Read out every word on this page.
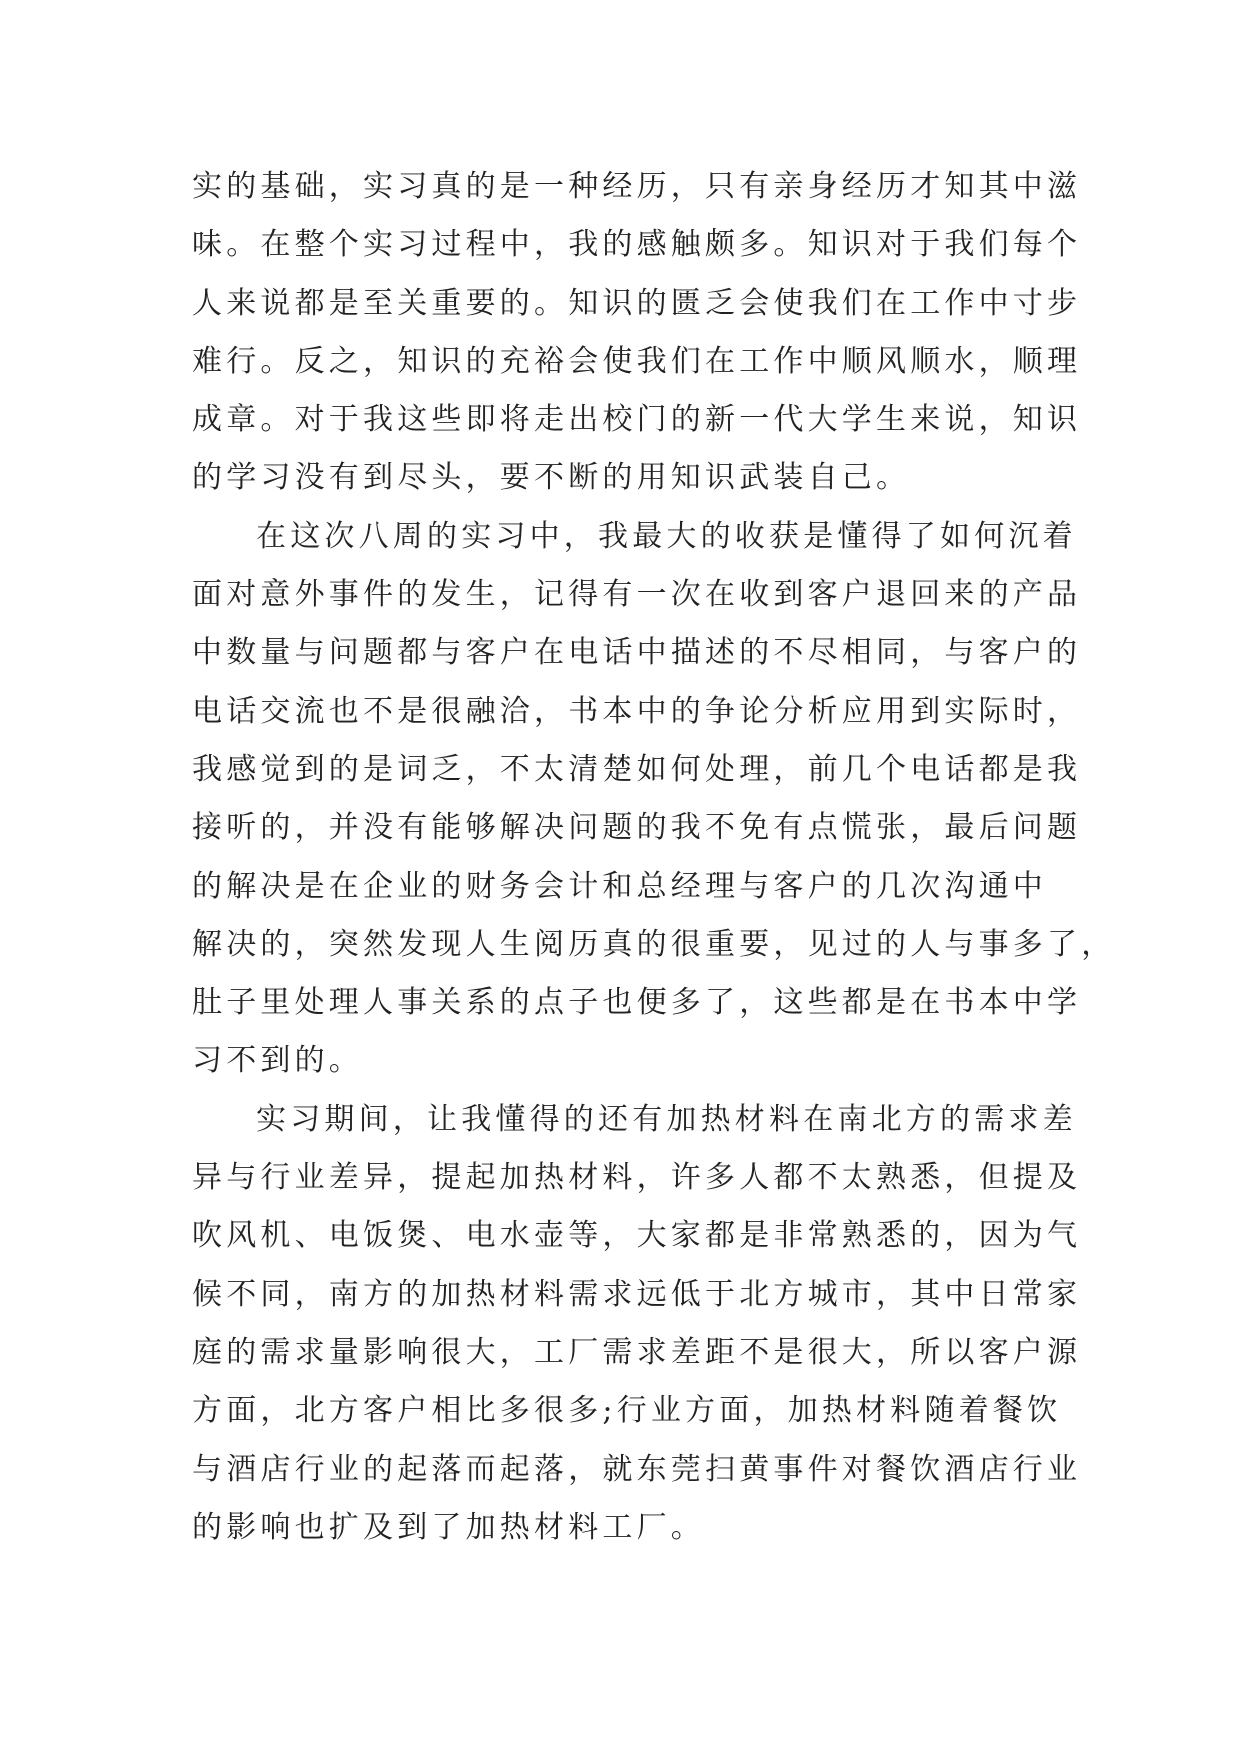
实的基础，实习真的是一种经历，只有亲身经历才知其中滋
味。在整个实习过程中，我的感触颇多。知识对于我们每个
人来说都是至关重要的。知识的匮乏会使我们在工作中寸步
难行。反之，知识的充裕会使我们在工作中顺风顺水，顺理
成章。对于我这些即将走出校门的新一代大学生来说，知识
的学习没有到尽头，要不断的用知识武装自己。
在这次八周的实习中，我最大的收获是懂得了如何沉着
面对意外事件的发生，记得有一次在收到客户退回来的产品
中数量与问题都与客户在电话中描述的不尽相同，与客户的
电话交流也不是很融洽，书本中的争论分析应用到实际时，
我感觉到的是词乏，不太清楚如何处理，前几个电话都是我
接听的，并没有能够解决问题的我不免有点慌张，最后问题
的解决是在企业的财务会计和总经理与客户的几次沟通中
解决的，突然发现人生阅历真的很重要，见过的人与事多了，
肚子里处理人事关系的点子也便多了，这些都是在书本中学
习不到的。
实习期间，让我懂得的还有加热材料在南北方的需求差
异与行业差异，提起加热材料，许多人都不太熟悉，但提及
吹风机、电饭煲、电水壶等，大家都是非常熟悉的，因为气
候不同，南方的加热材料需求远低于北方城市，其中日常家
庭的需求量影响很大，工厂需求差距不是很大，所以客户源
方面，北方客户相比多很多;行业方面，加热材料随着餐饮
与酒店行业的起落而起落，就东莞扫黄事件对餐饮酒店行业
的影响也扩及到了加热材料工厂。
